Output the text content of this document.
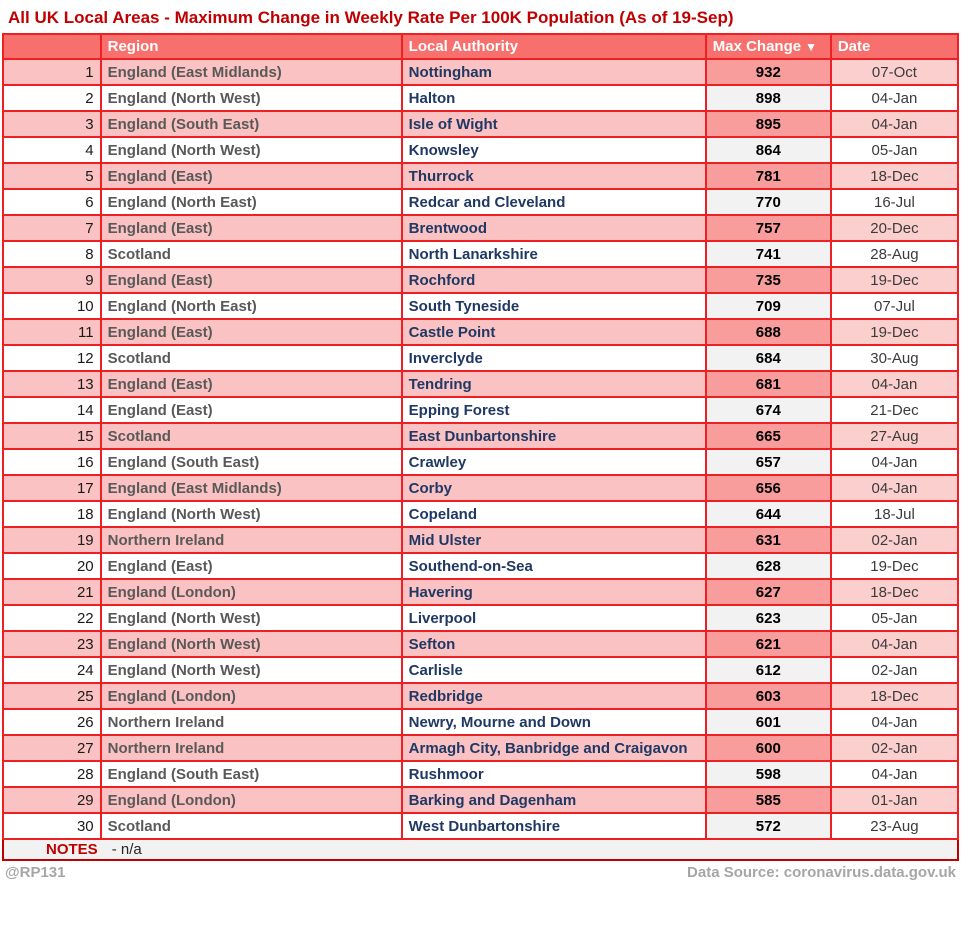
All UK Local Areas - Maximum Change in Weekly Rate Per 100K Population (As of 19-Sep)
	Region	Local Authority	Max Change ▼	Date
1	England (East Midlands)	Nottingham	932	07-Oct
2	England (North West)	Halton	898	04-Jan
3	England (South East)	Isle of Wight	895	04-Jan
4	England (North West)	Knowsley	864	05-Jan
5	England (East)	Thurrock	781	18-Dec
6	England (North East)	Redcar and Cleveland	770	16-Jul
7	England (East)	Brentwood	757	20-Dec
8	Scotland	North Lanarkshire	741	28-Aug
9	England (East)	Rochford	735	19-Dec
10	England (North East)	South Tyneside	709	07-Jul
11	England (East)	Castle Point	688	19-Dec
12	Scotland	Inverclyde	684	30-Aug
13	England (East)	Tendring	681	04-Jan
14	England (East)	Epping Forest	674	21-Dec
15	Scotland	East Dunbartonshire	665	27-Aug
16	England (South East)	Crawley	657	04-Jan
17	England (East Midlands)	Corby	656	04-Jan
18	England (North West)	Copeland	644	18-Jul
19	Northern Ireland	Mid Ulster	631	02-Jan
20	England (East)	Southend-on-Sea	628	19-Dec
21	England (London)	Havering	627	18-Dec
22	England (North West)	Liverpool	623	05-Jan
23	England (North West)	Sefton	621	04-Jan
24	England (North West)	Carlisle	612	02-Jan
25	England (London)	Redbridge	603	18-Dec
26	Northern Ireland	Newry, Mourne and Down	601	04-Jan
27	Northern Ireland	Armagh City, Banbridge and Craigavon	600	02-Jan
28	England (South East)	Rushmoor	598	04-Jan
29	England (London)	Barking and Dagenham	585	01-Jan
30	Scotland	West Dunbartonshire	572	23-Aug
NOTES - n/a
@RP131	Data Source: coronavirus.data.gov.uk
